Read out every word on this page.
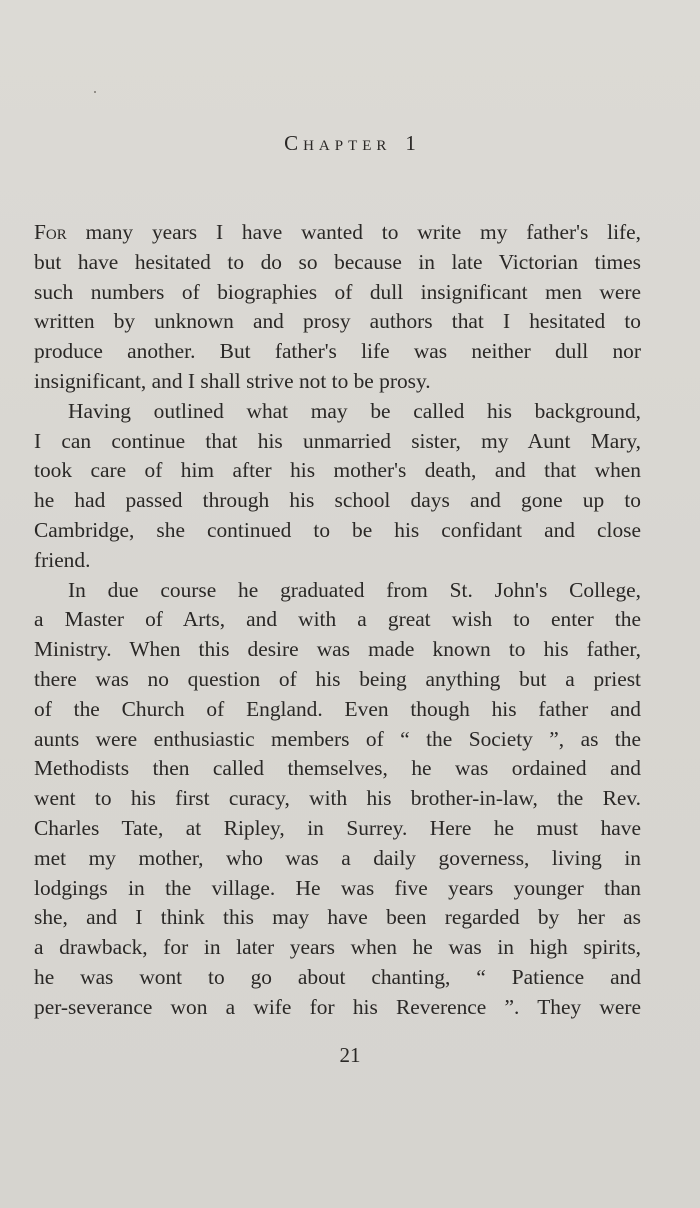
Chapter 1
For many years I have wanted to write my father's life,
but have hesitated to do so because in late Victorian times
such numbers of biographies of dull insignificant men were
written by unknown and prosy authors that I hesitated to
produce another. But father's life was neither dull nor
insignificant, and I shall strive not to be prosy.
Having outlined what may be called his background,
I can continue that his unmarried sister, my Aunt Mary,
took care of him after his mother's death, and that when
he had passed through his school days and gone up to
Cambridge, she continued to be his confidant and close
friend.
In due course he graduated from St. John's College,
a Master of Arts, and with a great wish to enter the
Ministry. When this desire was made known to his father,
there was no question of his being anything but a priest
of the Church of England. Even though his father and
aunts were enthusiastic members of “ the Society ”, as the
Methodists then called themselves, he was ordained and
went to his first curacy, with his brother-in-law, the Rev.
Charles Tate, at Ripley, in Surrey. Here he must have
met my mother, who was a daily governess, living in
lodgings in the village. He was five years younger than
she, and I think this may have been regarded by her as
a drawback, for in later years when he was in high spirits,
he was wont to go about chanting, “ Patience and
per-severance won a wife for his Reverence ”. They were
21
